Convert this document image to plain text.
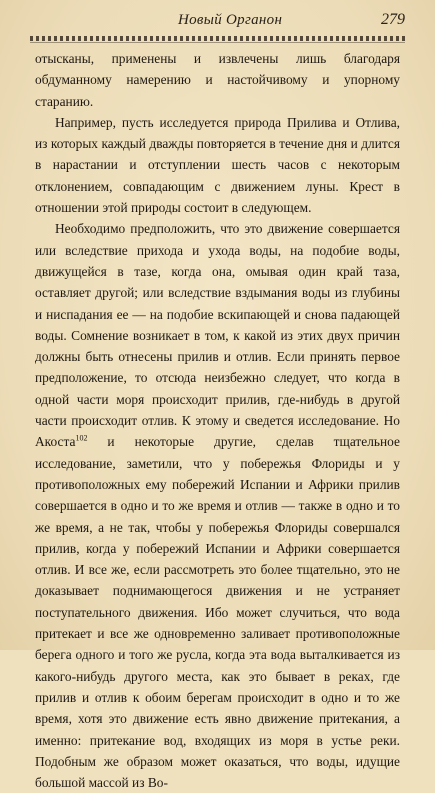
Новый Органон	279

отысканы, применены и извлечены лишь благодаря обдуманному намерению и настойчивому и упорному старанию.

Например, пусть исследуется природа Прилива и Отлива, из которых каждый дважды повторяется в течение дня и длится в нарастании и отступлении шесть часов с некоторым отклонением, совпадающим с движением луны. Крест в отношении этой природы состоит в следующем.

Необходимо предположить, что это движение совершается или вследствие прихода и ухода воды, на подобие воды, движущейся в тазе, когда она, омывая один край таза, оставляет другой; или вследствие вздымания воды из глубины и ниспадания ее — на подобие вскипающей и снова падающей воды. Сомнение возникает в том, к какой из этих двух причин должны быть отнесены прилив и отлив. Если принять первое предположение, то отсюда неизбежно следует, что когда в одной части моря происходит прилив, где-нибудь в другой части происходит отлив. К этому и сведется исследование. Но Акоста$^{102}$ и некоторые другие, сделав тщательное исследование, заметили, что у побережья Флориды и у противоположных ему побережий Испании и Африки прилив совершается в одно и то же время и отлив — также в одно и то же время, а не так, чтобы у побережья Флориды совершался прилив, когда у побережий Испании и Африки совершается отлив. И все же, если рассмотреть это более тщательно, это не доказывает поднимающегося движения и не устраняет поступательного движения. Ибо может случиться, что вода притекает и все же одновременно заливает противоположные берега одного и того же русла, когда эта вода выталкивается из какого-нибудь другого места, как это бывает в реках, где прилив и отлив к обоим берегам происходит в одно и то же время, хотя это движение есть явно движение притекания, а именно: притекание вод, входящих из моря в устье реки. Подобным же образом может оказаться, что воды, идущие большой массой из Во-
